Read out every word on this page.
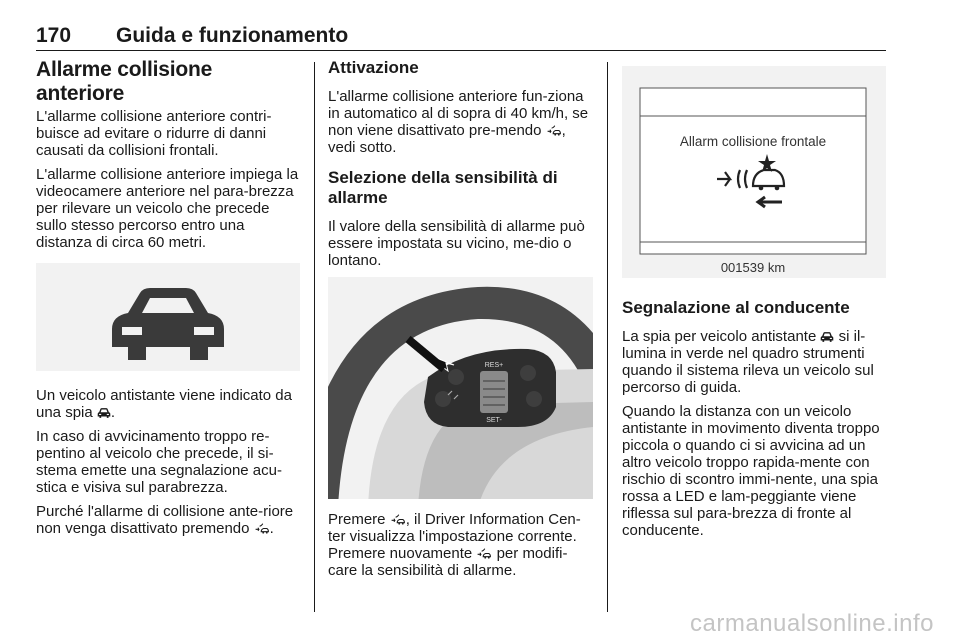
170 Guida e funzionamento
Allarme collisione anteriore

L'allarme collisione anteriore contri-buisce ad evitare o ridurre di danni causati da collisioni frontali.

L'allarme collisione anteriore impiega la videocamere anteriore nel para-brezza per rilevare un veicolo che precede sullo stesso percorso entro una distanza di circa 60 metri.

Un veicolo antistante viene indicato da una spia .

In caso di avvicinamento troppo re-pentino al veicolo che precede, il si-stema emette una segnalazione acu-stica e visiva sul parabrezza.

Purché l'allarme di collisione ante-riore non venga disattivato premendo .

Attivazione

L'allarme collisione anteriore fun-ziona in automatico al di sopra di 40 km/h, se non viene disattivato pre-mendo , vedi sotto.

Selezione della sensibilità di allarme

Il valore della sensibilità di allarme può essere impostata su vicino, me-dio o lontano.

RES+
SET-

Premere , il Driver Information Cen-ter visualizza l'impostazione corrente. Premere nuovamente per modifi-care la sensibilità di allarme.

Allarm collisione frontale
001539 km
Segnalazione al conducente

La spia per veicolo antistante si il-lumina in verde nel quadro strumenti quando il sistema rileva un veicolo sul percorso di guida.

Quando la distanza con un veicolo antistante in movimento diventa troppo piccola o quando ci si avvicina ad un altro veicolo troppo rapida-mente con rischio di scontro immi-nente, una spia rossa a LED e lam-peggiante viene riflessa sul para-brezza di fronte al conducente.

carmanualsonline.info
